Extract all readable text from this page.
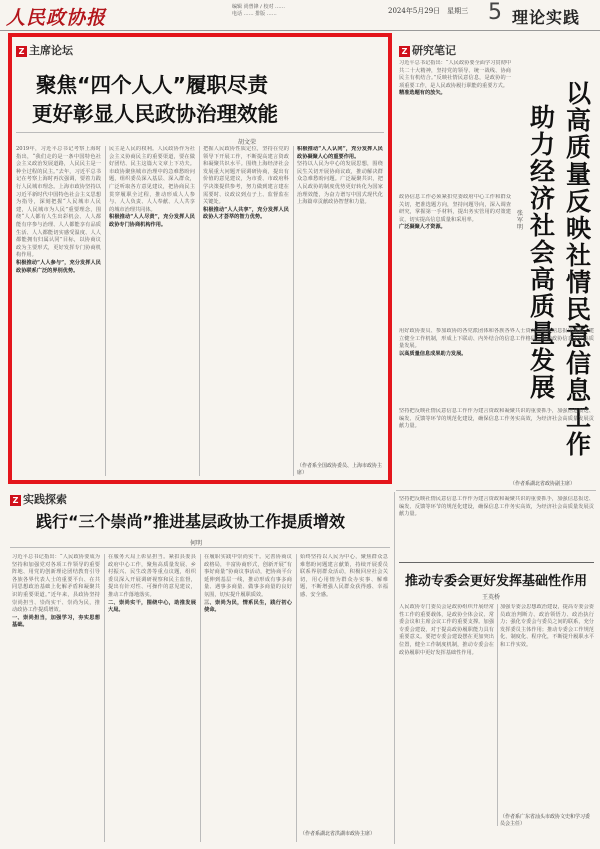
人民政协报	编辑 尚曾锋 / 校对 ……
电话 …… 排版 ……	2024年5月29日　星期三 5 理论实践
Z 主席论坛
聚焦“四个人人”履职尽责
更好彰显人民政协治理效能
胡文荣
2019年，习近平总书记考察上海时指出，“我们走的是一条中国特色社会主义政治发展道路，人民民主是一种全过程的民主。”去年，习近平总书记在考察上海时再次强调，要着力践行人民城市理念。上海市政协坚持以习近平新时代中国特色社会主义思想为指导，深刻把握“人民城市人民建，人民城市为人民”重要理念，围绕“人人都有人生出彩机会、人人都能有序参与治理、人人都能享有品质生活、人人都能切实感受温度、人人都能拥有归属认同”目标，以协商议政为主要形式，更好发挥专门协商机构作用。
积极推动“人人参与”，充分发挥人民政协联系广泛的界别优势。
民主是人民的权利。人民政协作为社会主义协商民主的重要渠道，要在做好团结、民主这篇大文章上下功夫。市政协聚焦城市治理中的急难愁盼问题，组织委员深入基层、深入群众，广泛听取各方意见建议，把协商民主贯穿履职全过程，推动形成人人参与、人人负责、人人奉献、人人共享的城市治理共同体。
积极推动“人人尽责”，充分发挥人民政协专门协商机构作用。
把握人民政协性质定位，坚持在党的领导下开展工作，不断提高建言资政和凝聚共识水平。围绕上海经济社会发展重大问题开展调研协商，提出有价值的意见建议，为市委、市政府科学决策提供参考，努力做到建言建在需要时、议政议到点子上、监督监在关键处。
积极推动“人人共享”，充分发挥人民政协人才荟萃的智力优势。
积极推动“人人认同”，充分发挥人民政协凝聚人心的重要作用。
坚持以人民为中心的发展思想，围绕民生关切开展协商议政，推动解决群众急难愁盼问题。广泛凝聚共识，把人民政协的制度优势更好转化为国家治理效能，为奋力谱写中国式现代化上海篇章贡献政协智慧和力量。
（作者系全国政协委员、上海市政协主席）
Z 研究笔记
以高质量反映社情民意信息工作
助力经济社会高质量发展
张军明
习近平总书记指出：“人民政协要全面学习贯彻中共二十大精神，坚持党的领导、统一战线、协商民主有机结合。”反映社情民意信息，是政协的一项重要工作，是人民政协履行职能的重要方式。
精准选题有的放矢。
政协信息工作必须紧扣党委政府中心工作和群众关切，把准选题方向，坚持问题导向，深入调查研究，掌握第一手材料，提出务实管用的对策建议，切实提高信息质量和采用率。
广泛凝聚人才资源。
用好政协委员、参加政协的各党派团体和各族各界人士资源，畅通信息报送渠道，建立健全工作机制，形成上下联动、内外结合的信息工作格局，推动政协信息工作高质量发展。
以高质量信息成果助力发展。
坚持把反映社情民意信息工作作为建言资政和凝聚共识的重要抓手，加强信息报送、编发、反馈等环节的规范化建设，确保信息工作务实高效，为经济社会高质量发展贡献力量。
（作者系湖北省政协副主席）
Z 实践探索
践行“三个崇尚”推进基层政协工作提质增效
何明
习近平总书记指出：“人民政协要成为坚持和加强党对各项工作领导的重要阵地、用党的创新理论团结教育引导各族各界代表人士的重要平台、在共同思想政治基础上化解矛盾和凝聚共识的重要渠道。”近年来，县政协坚持崇尚担当、崇尚实干、崇尚为民，推动政协工作提质增效。
一、崇尚担当，加强学习，夯实思想基础。
在服务大局上彰显担当。紧扣县委县政府中心工作，聚焦高质量发展、乡村振兴、民生改善等重点议题，组织委员深入开展调研视察和民主监督，提出有针对性、可操作的意见建议，推动工作落地落实。
二、崇尚实干，围绕中心，助推发展大局。
在履职实践中崇尚实干。完善协商议政格局，丰富协商形式，创新开展“有事好商量”协商议事活动，把协商平台延伸到基层一线，推动形成有事多商量、遇事多商量、做事多商量的良好氛围，切实提升履职质效。
三、崇尚为民，情系民生，践行初心使命。
始终坚持以人民为中心，聚焦群众急难愁盼问题建言献策，持续开展委员联系界别群众活动，积极回应社会关切，用心用情为群众办实事、解难题，不断增强人民群众获得感、幸福感、安全感。
（作者系湖北省洪湖市政协主席）
坚持把反映社情民意信息工作作为建言资政和凝聚共识的重要抓手，加强信息报送、编发、反馈等环节的规范化建设，确保信息工作务实高效，为经济社会高质量发展贡献力量。
推动专委会更好发挥基础性作用
王英桥
人民政协专门委员会是政协组织开展经常性工作的重要载体，是政协全体会议、常委会议和主席会议工作的重要支撑。加强专委会建设，对于提高政协履职能力具有重要意义。要把专委会建设摆在更加突出位置，健全工作制度机制，推动专委会在政协履职中更好发挥基础性作用。
加强专委会思想政治建设，提高专委会委员政治判断力、政治领悟力、政治执行力；强化专委会与委员之间的联系，充分发挥委员主体作用；推动专委会工作规范化、制度化、程序化，不断提升履职水平和工作实效。
（作者系广东省汕头市政协文史和学习委员会主任）
